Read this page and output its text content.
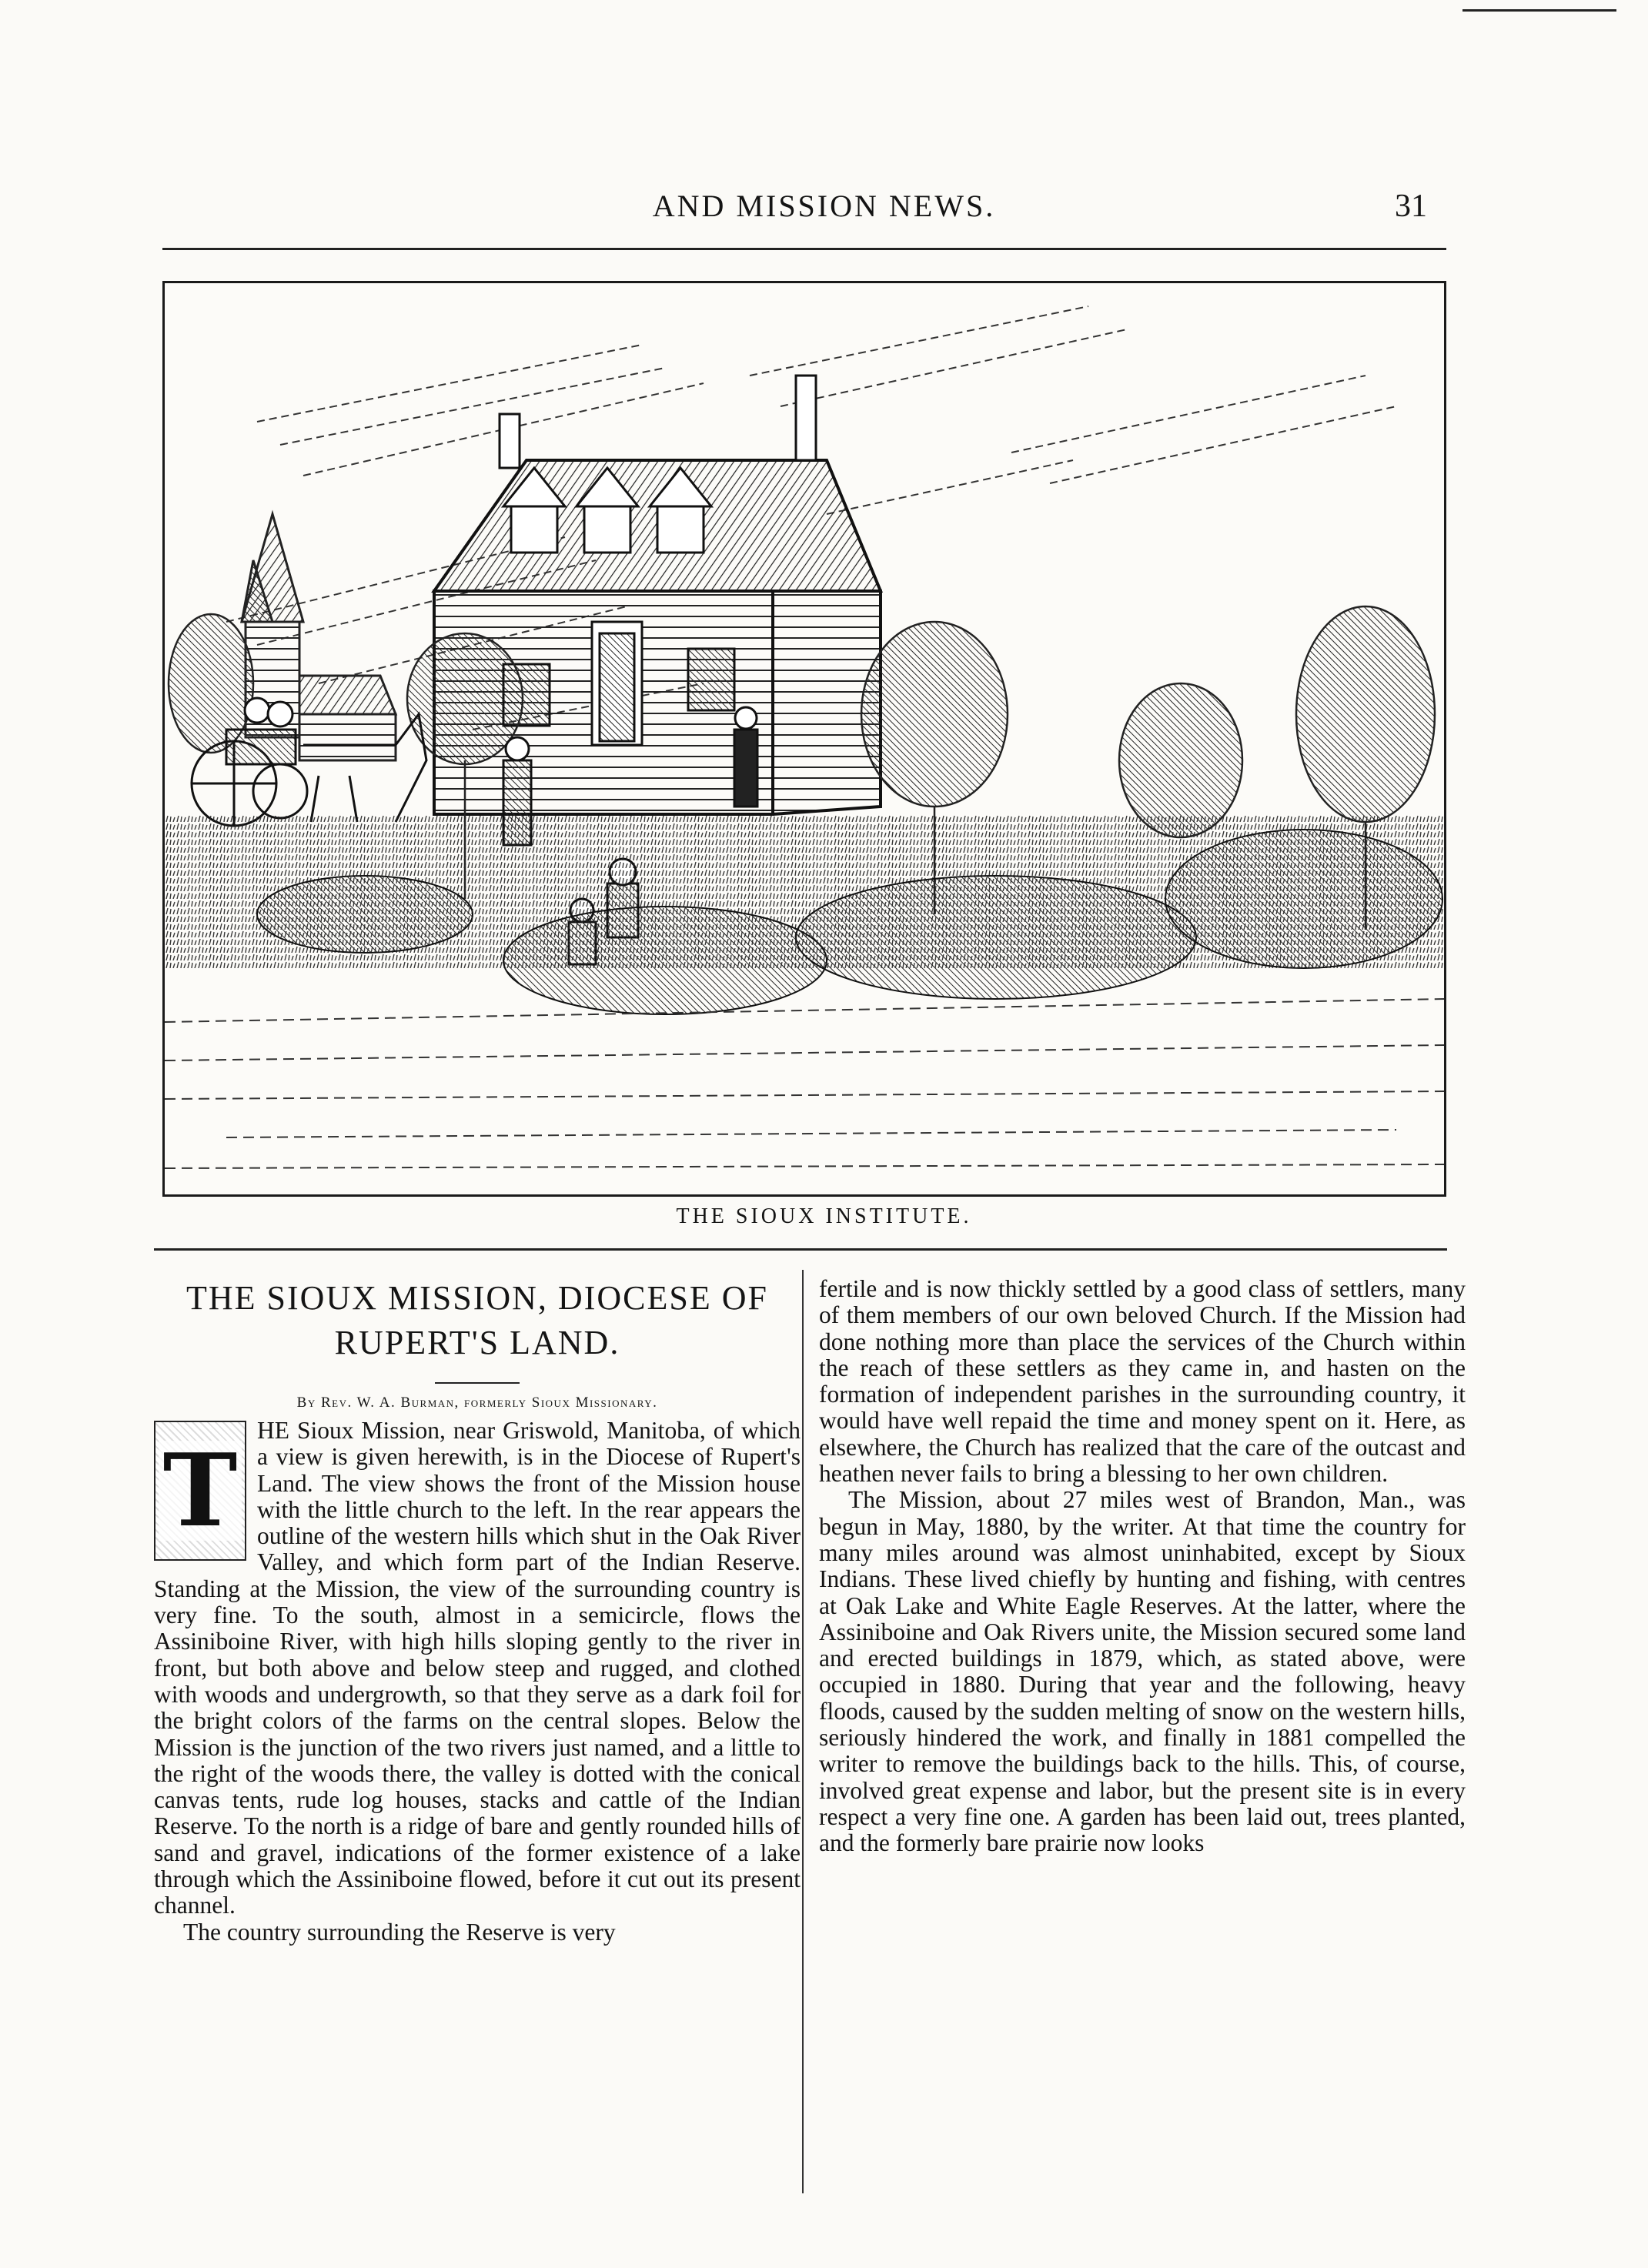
AND MISSION NEWS.	31
THE SIOUX INSTITUTE.
THE SIOUX MISSION, DIOCESE OF RUPERT'S LAND.
By Rev. W. A. Burman, formerly Sioux Missionary.
T

HE Sioux Mission, near Griswold, Manitoba, of which a view is given herewith, is in the Diocese of Rupert's Land. The view shows the front of the Mission house with the little church to the left. In the rear appears the outline of the western hills which shut in the Oak River Valley, and which form part of the Indian Reserve. Standing at the Mission, the view of the surrounding country is very fine. To the south, almost in a semicircle, flows the Assiniboine River, with high hills sloping gently to the river in front, but both above and below steep and rugged, and clothed with woods and undergrowth, so that they serve as a dark foil for the bright colors of the farms on the central slopes. Below the Mission is the junction of the two rivers just named, and a little to the right of the woods there, the valley is dotted with the conical canvas tents, rude log houses, stacks and cattle of the Indian Reserve. To the north is a ridge of bare and gently rounded hills of sand and gravel, indications of the former existence of a lake through which the Assiniboine flowed, before it cut out its present channel.

The country surrounding the Reserve is very

fertile and is now thickly settled by a good class of settlers, many of them members of our own beloved Church. If the Mission had done nothing more than place the services of the Church within the reach of these settlers as they came in, and hasten on the formation of independent parishes in the surrounding country, it would have well repaid the time and money spent on it. Here, as elsewhere, the Church has realized that the care of the outcast and heathen never fails to bring a blessing to her own children.

The Mission, about 27 miles west of Brandon, Man., was begun in May, 1880, by the writer. At that time the country for many miles around was almost uninhabited, except by Sioux Indians. These lived chiefly by hunting and fishing, with centres at Oak Lake and White Eagle Reserves. At the latter, where the Assiniboine and Oak Rivers unite, the Mission secured some land and erected buildings in 1879, which, as stated above, were occupied in 1880. During that year and the following, heavy floods, caused by the sudden melting of snow on the western hills, seriously hindered the work, and finally in 1881 compelled the writer to remove the buildings back to the hills. This, of course, involved great expense and labor, but the present site is in every respect a very fine one. A garden has been laid out, trees planted, and the formerly bare prairie now looks
